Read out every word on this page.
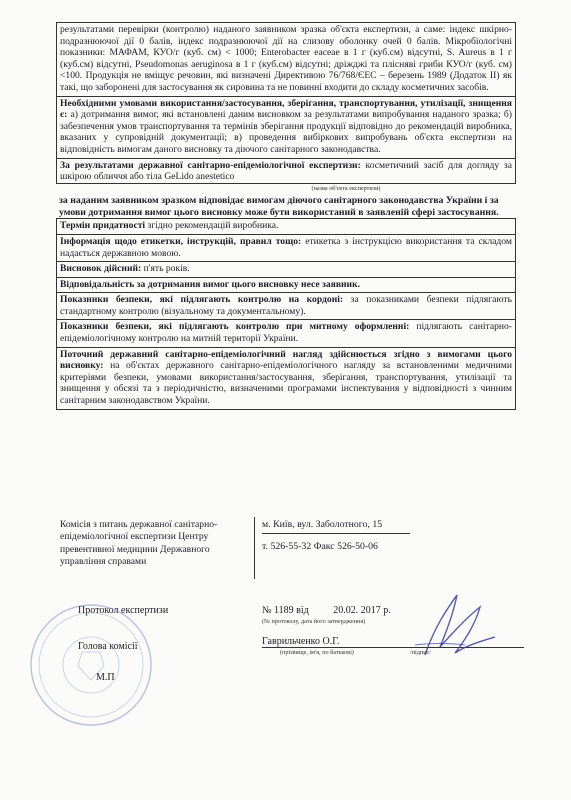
результатами перевірки (контролю) наданого заявником зразка об'єкта експертизи, а саме: індекс шкірно-подразнюючої дії 0 балів, індекс подразнюючої дії на слизову оболонку очей 0 балів. Мікробіологічні показники: МАФАМ, КУО/г (куб. см) < 1000; Enterobacter eaceae в 1 г (куб.см) відсутні, S. Aureus в 1 г (куб.см) відсутні, Pseudomonas aeruginosa в 1 г (куб.см) відсутні; дріжджі та плісняві гриби КУО/г (куб. см) <100. Продукція не вміщує речовин, які визначені Директивою 76/768/ЄЕС – березень 1989 (Додаток II) як такі, що заборонені для застосування як сировина та не повинні входити до складу косметичних засобів.
Необхідними умовами використання/застосування, зберігання, транспортування, утилізації, знищення є: а) дотримання вимог, які встановлені даним висновком за результатами випробування наданого зразка; б) забезпечення умов транспортування та термінів зберігання продукції відповідно до рекомендацій виробника, вказаних у супровідній документації; в) проведення вибіркових випробувань об'єкта експертизи на відповідність вимогам даного висновку та діючого санітарного законодавства.
За результатами державної санітарно-епідеміологічної експертизи: косметичний засіб для догляду за шкірою обличчя або тіла GeLido anestetico
(назва об'єкта експертизи)
за наданим заявником зразком відповідає вимогам діючого санітарного законодавства України і за умови дотримання вимог цього висновку може бути використаний в заявленій сфері застосування.
Термін придатності згідно рекомендацій виробника.
Інформація щодо етикетки, інструкцій, правил тощо: етикетка з інструкцією використання та складом надається державною мовою.
Висновок дійсний: п'ять років.
Відповідальність за дотримання вимог цього висновку несе заявник.
Показники безпеки, які підлягають контролю на кордоні: за показниками безпеки підлягають стандартному контролю (візуальному та документальному).
Показники безпеки, які підлягають контролю при митному оформленні: підлягають санітарно-епідеміологічному контролю на митній території України.
Поточний державний санітарно-епідеміологічний нагляд здійснюється згідно з вимогами цього висновку: на об'єктах державного санітарно-епідеміологічного нагляду за встановленими медичними критеріями безпеки, умовами використання/застосування, зберігання, транспортування, утилізації та знищення у обсязі та з періодичністю, визначеними програмами інспектування у відповідності з чинним санітарним законодавством України.
Комісія з питань державної санітарно-епідеміологічної експертизи Центру превентивної медицини Державного управління справами
м. Київ, вул. Заболотного, 15
т. 526-55-32 Факс 526-50-06
Протокол експертизи	№ 1189 від 20.02. 2017 р.
(№ протоколу, дата його затвердження)
Голова комісії	Гаврильченко О.Г.
(прізвище, ім'я, по батькові)	/підпис/
М.П
